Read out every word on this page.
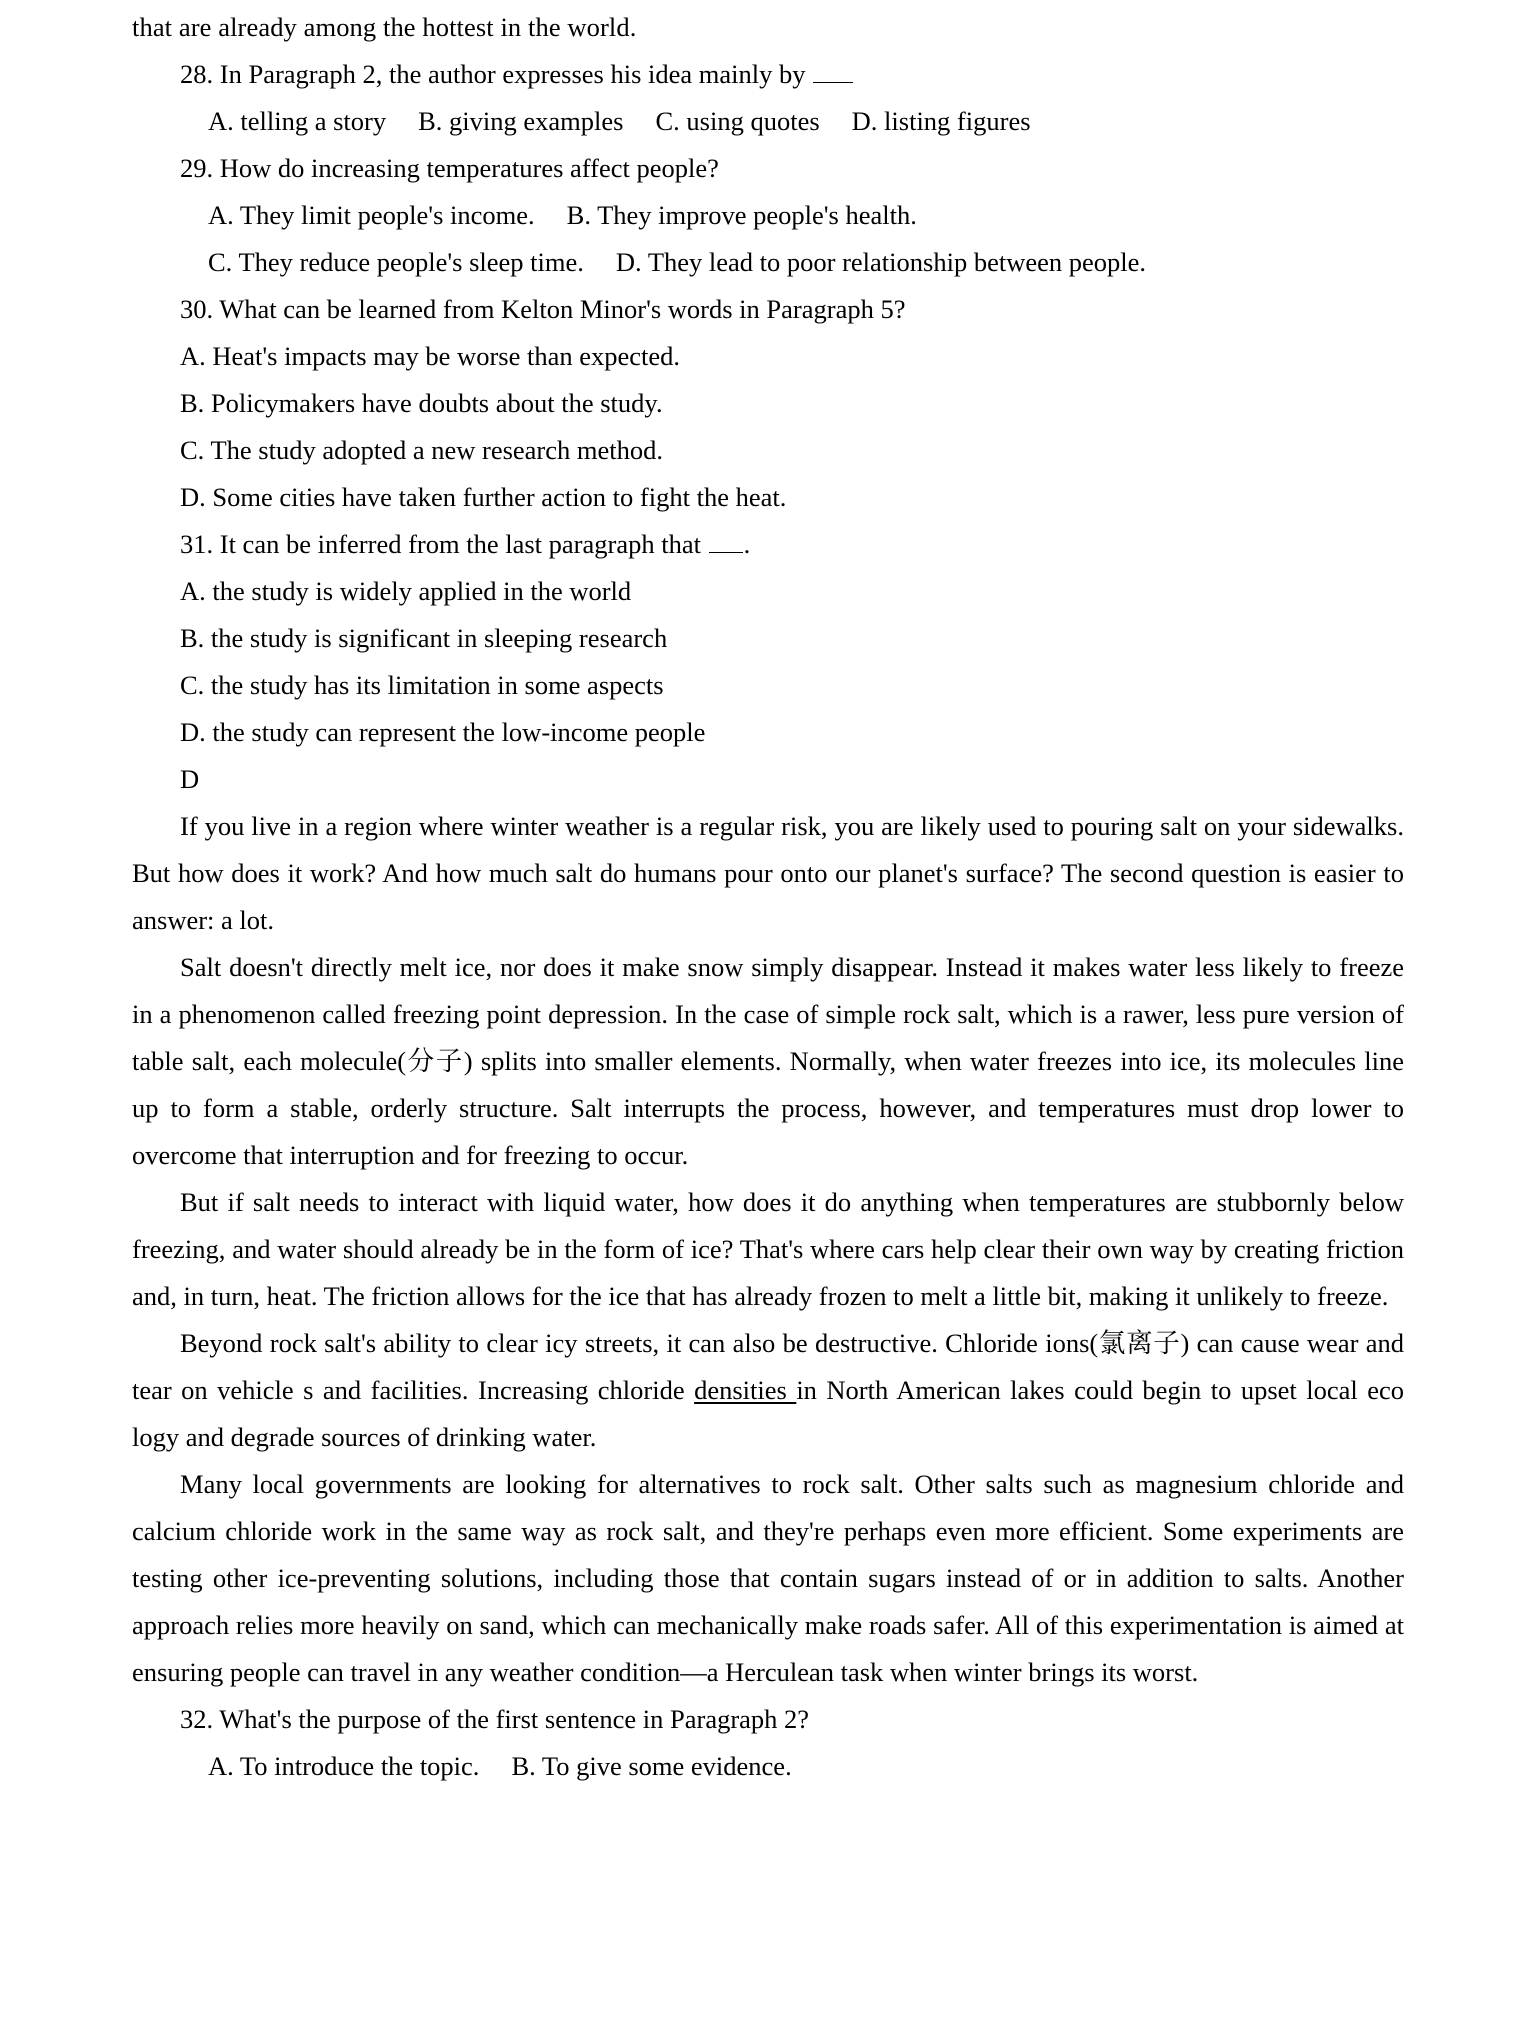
that are already among the hottest in the world.
28. In Paragraph 2, the author expresses his idea mainly by
A. telling a story B. giving examples C. using quotes D. listing figures
29. How do increasing temperatures affect people?
A. They limit people's income. B. They improve people's health.
C. They reduce people's sleep time. D. They lead to poor relationship between people.
30. What can be learned from Kelton Minor's words in Paragraph 5?
A. Heat's impacts may be worse than expected.
B. Policymakers have doubts about the study.
C. The study adopted a new research method.
D. Some cities have taken further action to fight the heat.
31. It can be inferred from the last paragraph that .
A. the study is widely applied in the world
B. the study is significant in sleeping research
C. the study has its limitation in some aspects
D. the study can represent the low-income people
D

If you live in a region where winter weather is a regular risk, you are likely used to pouring salt on your sidewalks. But how does it work? And how much salt do humans pour onto our planet's surface? The second question is easier to answer: a lot.

Salt doesn't directly melt ice, nor does it make snow simply disappear. Instead it makes water less likely to freeze in a phenomenon called freezing point depression. In the case of simple rock salt, which is a rawer, less pure version of table salt, each molecule(分子) splits into smaller elements. Normally, when water freezes into ice, its molecules line up to form a stable, orderly structure. Salt interrupts the process, however, and temperatures must drop lower to overcome that interruption and for freezing to occur.

But if salt needs to interact with liquid water, how does it do anything when temperatures are stubbornly below freezing, and water should already be in the form of ice? That's where cars help clear their own way by creating friction and, in turn, heat. The friction allows for the ice that has already frozen to melt a little bit, making it unlikely to freeze.

Beyond rock salt's ability to clear icy streets, it can also be destructive. Chloride ions(氯离子) can cause wear and tear on vehicle s and facilities. Increasing chloride densities in North American lakes could begin to upset local eco logy and degrade sources of drinking water.

Many local governments are looking for alternatives to rock salt. Other salts such as magnesium chloride and calcium chloride work in the same way as rock salt, and they're perhaps even more efficient. Some experiments are testing other ice-preventing solutions, including those that contain sugars instead of or in addition to salts. Another approach relies more heavily on sand, which can mechanically make roads safer. All of this experimentation is aimed at ensuring people can travel in any weather condition—a Herculean task when winter brings its worst.

32. What's the purpose of the first sentence in Paragraph 2?
A. To introduce the topic. B. To give some evidence.
